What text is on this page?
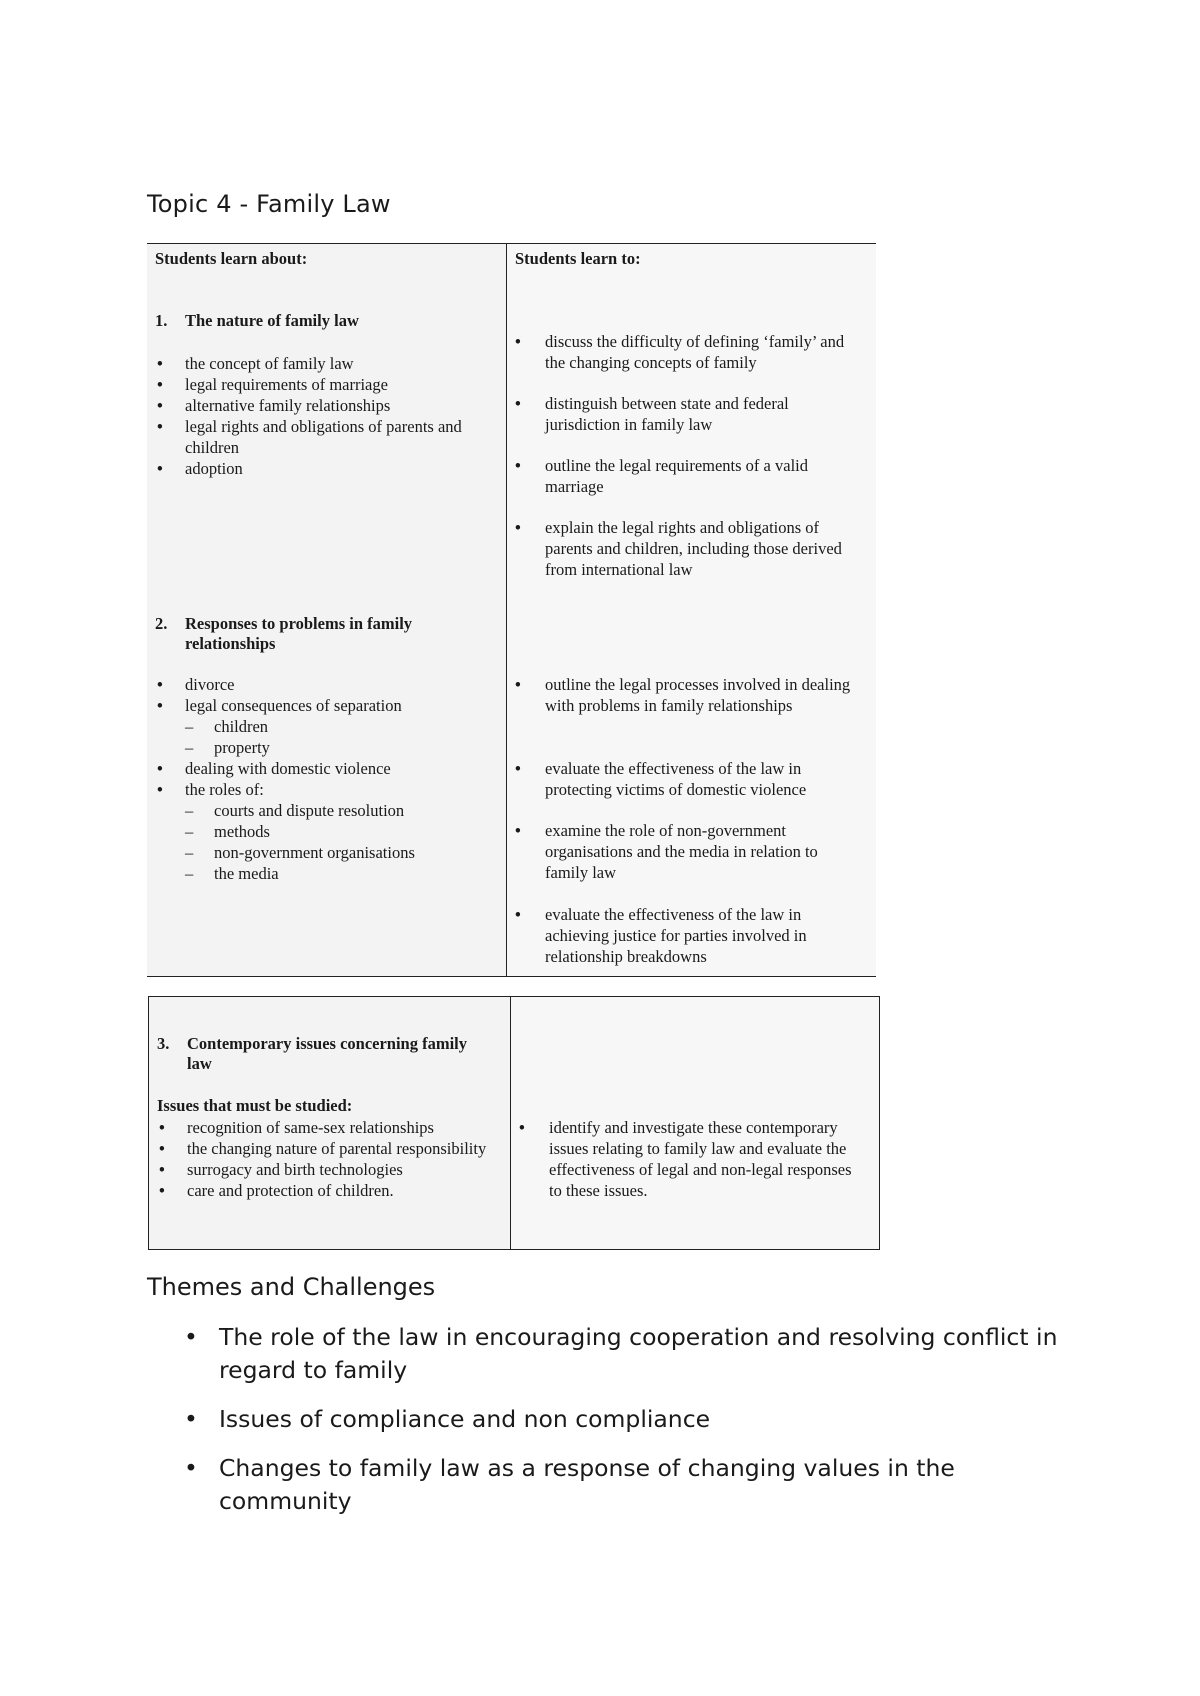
Topic 4 - Family Law
Students learn about:
1. The nature of family law
• the concept of family law
• legal requirements of marriage
• alternative family relationships
• legal rights and obligations of parents and children
• adoption
2. Responses to problems in family
relationships
• divorce
• legal consequences of separation
– children
– property
• dealing with domestic violence
• the roles of:
– courts and dispute resolution
– methods
– non-government organisations
– the media
Students learn to:
• discuss the difficulty of defining ‘family’ and the changing concepts of family
• distinguish between state and federal jurisdiction in family law
• outline the legal requirements of a valid marriage
• explain the legal rights and obligations of parents and children, including those derived from international law
• outline the legal processes involved in dealing with problems in family relationships
• evaluate the effectiveness of the law in protecting victims of domestic violence
• examine the role of non-government organisations and the media in relation to family law
• evaluate the effectiveness of the law in achieving justice for parties involved in relationship breakdowns
3. Contemporary issues concerning family
law
Issues that must be studied:
• recognition of same-sex relationships
• the changing nature of parental responsibility
• surrogacy and birth technologies
• care and protection of children.
• identify and investigate these contemporary issues relating to family law and evaluate the effectiveness of legal and non-legal responses to these issues.
Themes and Challenges
• The role of the law in encouraging cooperation and resolving conflict in regard to family
• Issues of compliance and non compliance
• Changes to family law as a response of changing values in the community
